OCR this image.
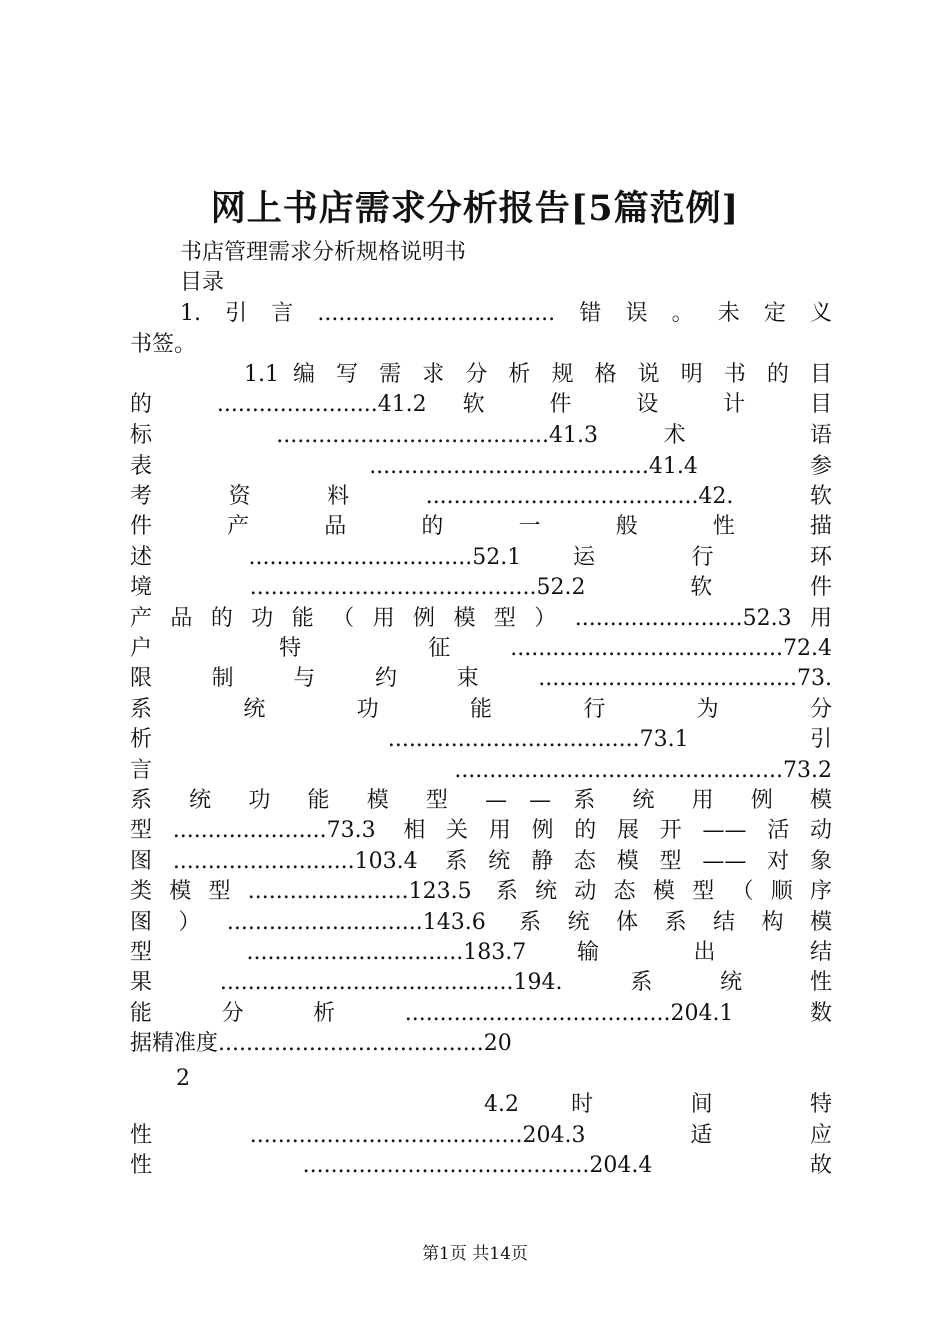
网上书店需求分析报告[5篇范例]
书店管理需求分析规格说明书
目录
1.引言..................................错误。未定义
书签。
1.1 编 写 需 求 分 析 规 格 说 明 书 的 目
的 .......................41.2 软 件 设 计 目
标 .......................................41.3 术 语
表 ........................................41.4 参
考资料.......................................42.软
件 产 品 的 一 般 性 描
述 ................................52.1 运 行 环
境.........................................52.2 软件
产品的功能（用例模型）........................52.3用
户 特 征.......................................72.4
限制与约束.....................................73.
系 统 功 能 行 为 分
析 ....................................73.1 引
言 ...............................................73.2
系 统 功 能 模 型 — — 系 统 用 例 模
型......................73.3 相关用例的展开——活动
图..........................103.4 系统静态模型——对象
类模型.......................123.5 系统动态模型（顺序
图）............................143.6 系统体系结构模
型 ...............................183.7 输 出 结
果..........................................194.系统性
能分析......................................204.1 数
据精准度......................................20
2
4.2 时 间 特
性.......................................204.3 适应
性.........................................204.4 故
第1页 共14页
